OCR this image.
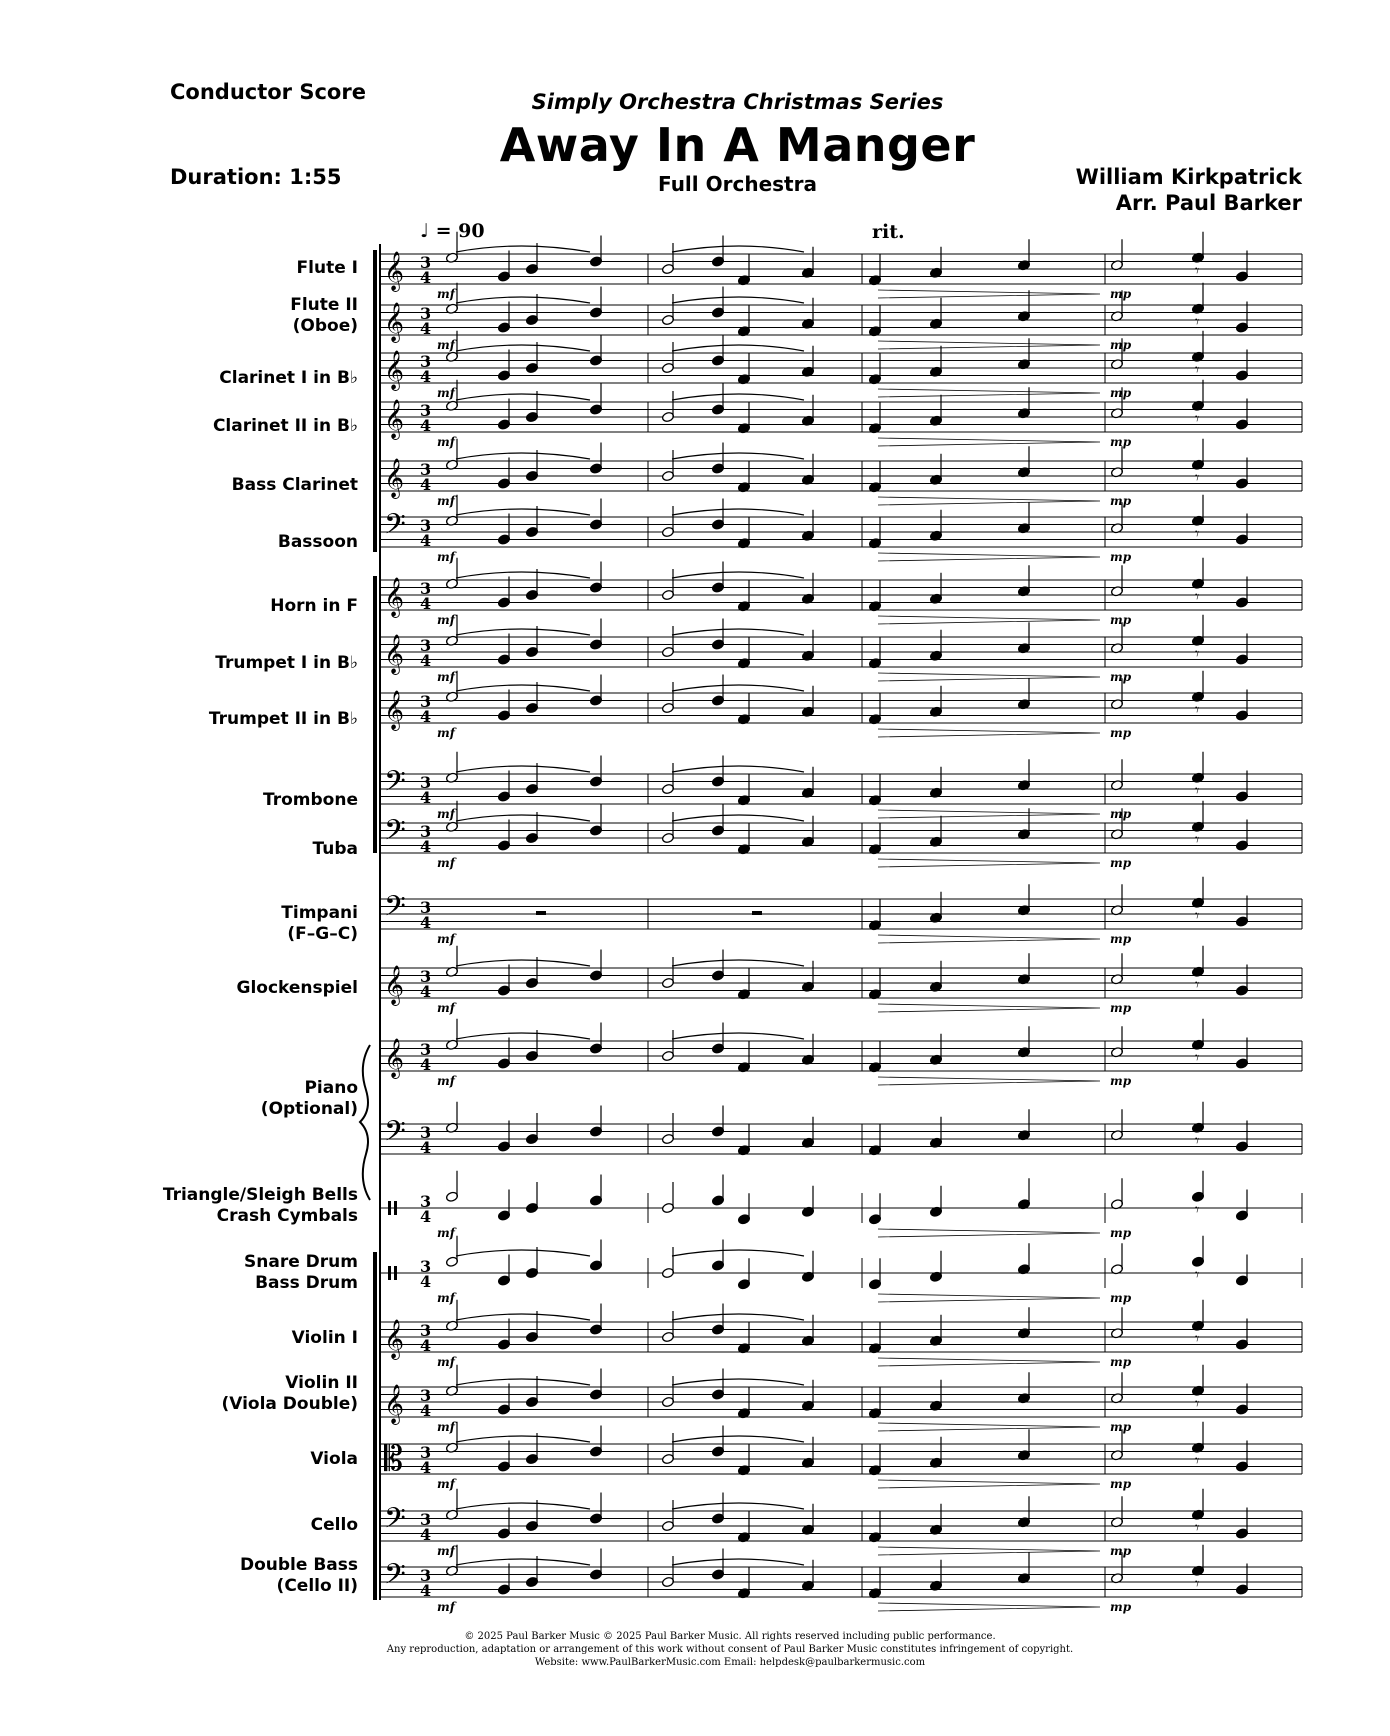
Conductor Score
Duration: 1:55
Simply Orchestra Christmas Series
Away In A Manger
Full Orchestra	William Kirkpatrick
Arr. Paul Barker
♩ = 90	rit.
Flute I
Flute II
(Oboe)
Clarinet I in B♭
Clarinet II in B♭
Bass Clarinet
Bassoon
Horn in F
Trumpet I in B♭
Trumpet II in B♭
Trombone
Tuba
Timpani
(F–G–C)
Glockenspiel
Piano
(Optional)
Triangle/Sleigh Bells
Crash Cymbals
Snare Drum
Bass Drum
Violin I
Violin II
(Viola Double)
Viola
Cello
Double Bass
(Cello II)
𝄞 3
4
𝄞 3
4
𝄞 3
4
𝄞 3
4
𝄞 3
4
𝄢 3
4
𝄞 3
4
𝄞 3
4
𝄞 3
4
𝄢 3
4
𝄢 3
4
𝄢 3
4
𝄞 3
4
𝄞 3
4
𝄢 3
4
3
4
3
4
𝄞 3
4
𝄞 3
4
𝄡 3
4
𝄢 3
4
𝄢 3
4
𝄾
mf	mp
𝄾
mf	mp
𝄾
mf	mp
𝄾
mf	mp
𝄾
mf	mp
𝄾
mf	mp
𝄾
mf	mp
𝄾
mf	mp
𝄾
mf	mp
𝄾
mf	mp
𝄾
mf	mp
𝄾
mf	mp
𝄾
mf	mp
𝄾
mf	mp
𝄾
𝄾
mf	mp
𝄾
mf	mp
𝄾
mf	mp
𝄾
mf	mp
𝄾
mf	mp
𝄾
mf	mp
𝄾
mf	mp
© 2025 Paul Barker Music © 2025 Paul Barker Music. All rights reserved including public performance.
Any reproduction, adaptation or arrangement of this work without consent of Paul Barker Music constitutes infringement of copyright.
Website: www.PaulBarkerMusic.com Email: helpdesk@paulbarkermusic.com
